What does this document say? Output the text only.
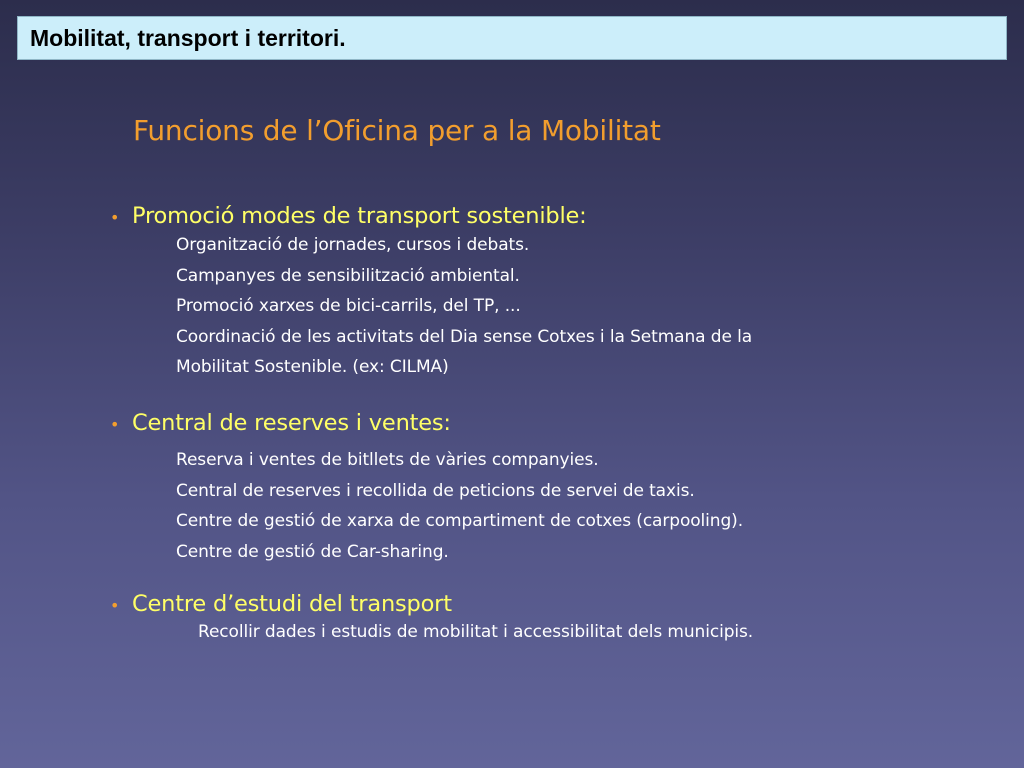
Mobilitat, transport i territori.
Funcions de l’Oficina per a la Mobilitat
• Promoció modes de transport sostenible:
Organització de jornades, cursos i debats.
Campanyes de sensibilització ambiental.
Promoció xarxes de bici-carrils, del TP, ...
Coordinació de les activitats del Dia sense Cotxes i la Setmana de la
Mobilitat Sostenible. (ex: CILMA)
• Central de reserves i ventes:
Reserva i ventes de bitllets de vàries companyies.
Central de reserves i recollida de peticions de servei de taxis.
Centre de gestió de xarxa de compartiment de cotxes (carpooling).
Centre de gestió de Car-sharing.
• Centre d’estudi del transport
Recollir dades i estudis de mobilitat i accessibilitat dels municipis.
